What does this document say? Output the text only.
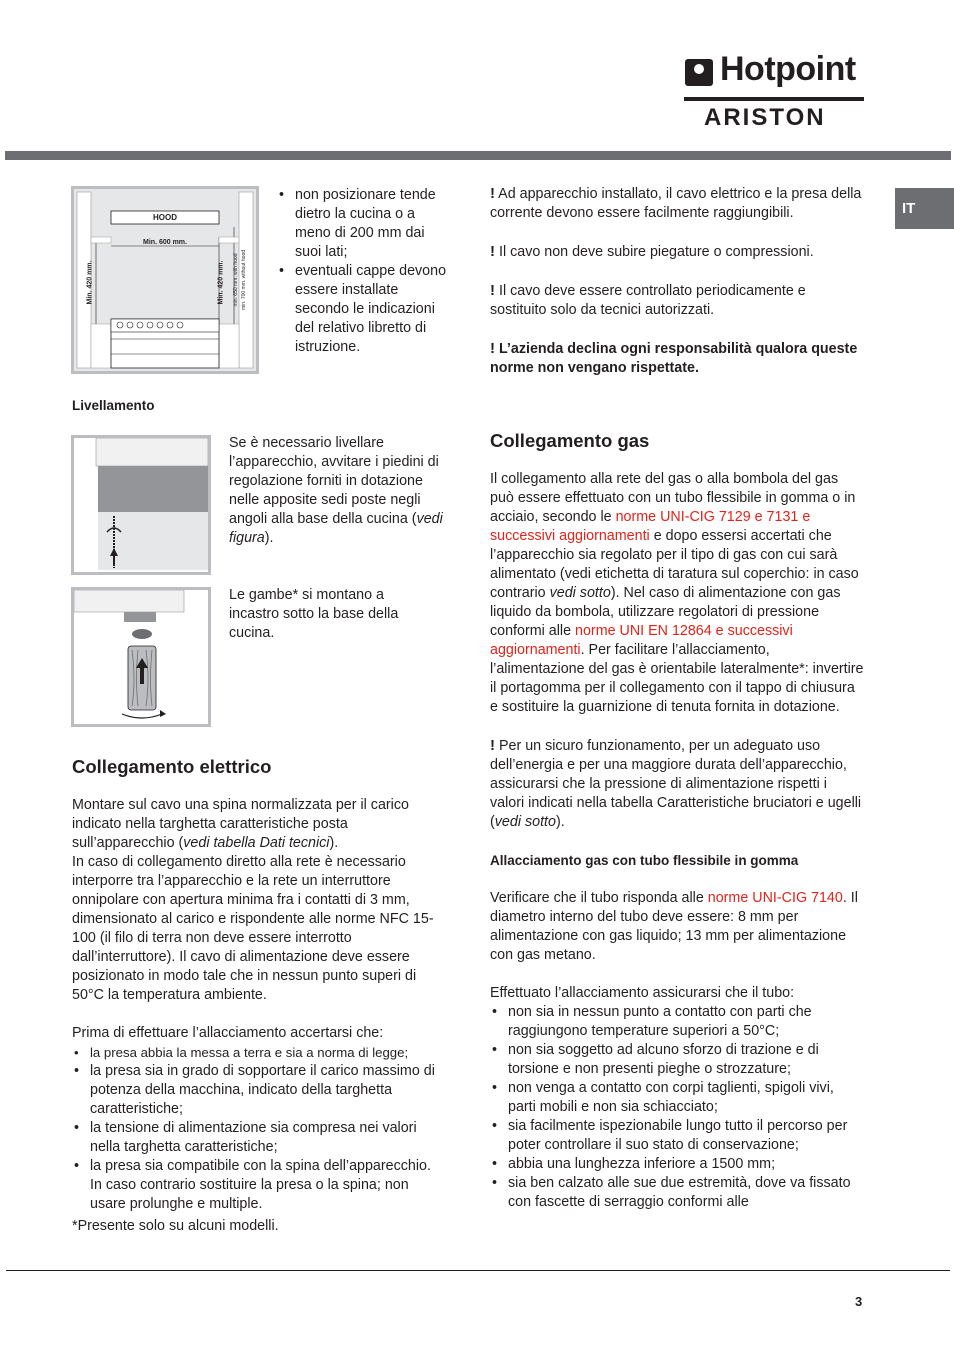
Hotpoint
ARISTON
IT
HOOD
Min. 600 mm.
Min. 420 mm.	Min. 420 mm. min. 650 mm. with hood min. 700 mm. without hood

• non posizionare tende dietro la cucina o a meno di 200 mm dai suoi lati;

• eventuali cappe devono essere installate secondo le indicazioni del relativo libretto di istruzione.

Livellamento
Se è necessario livellare l’apparecchio, avvitare i piedini di regolazione forniti in dotazione nelle apposite sedi poste negli angoli alla base della cucina (vedi figura).
Le gambe* si montano a incastro sotto la base della cucina.
Collegamento elettrico

Montare sul cavo una spina normalizzata per il carico indicato nella targhetta caratteristiche posta sull’apparecchio (vedi tabella Dati tecnici).

In caso di collegamento diretto alla rete è necessario interporre tra l’apparecchio e la rete un interruttore onnipolare con apertura minima fra i contatti di 3 mm, dimensionato al carico e rispondente alle norme NFC 15-100 (il filo di terra non deve essere interrotto dall’interruttore). Il cavo di alimentazione deve essere posizionato in modo tale che in nessun punto superi di 50°C la temperatura ambiente.

Prima di effettuare l’allacciamento accertarsi che:

• la presa abbia la messa a terra e sia a norma di legge;

• la presa sia in grado di sopportare il carico massimo di potenza della macchina, indicato della targhetta caratteristiche;

• la tensione di alimentazione sia compresa nei valori nella targhetta caratteristiche;

• la presa sia compatibile con la spina dell’apparecchio. In caso contrario sostituire la presa o la spina; non usare prolunghe e multiple.

*Presente solo su alcuni modelli.

! Ad apparecchio installato, il cavo elettrico e la presa della corrente devono essere facilmente raggiungibili.

! Il cavo non deve subire piegature o compressioni.

! Il cavo deve essere controllato periodicamente e sostituito solo da tecnici autorizzati.

! L’azienda declina ogni responsabilità qualora queste norme non vengano rispettate.

Collegamento gas

Il collegamento alla rete del gas o alla bombola del gas può essere effettuato con un tubo flessibile in gomma o in acciaio, secondo le norme UNI-CIG 7129 e 7131 e successivi aggiornamenti e dopo essersi accertati che l’apparecchio sia regolato per il tipo di gas con cui sarà alimentato (vedi etichetta di taratura sul coperchio: in caso contrario vedi sotto). Nel caso di alimentazione con gas liquido da bombola, utilizzare regolatori di pressione conformi alle norme UNI EN 12864 e successivi aggiornamenti. Per facilitare l’allacciamento, l’alimentazione del gas è orientabile lateralmente*: invertire il portagomma per il collegamento con il tappo di chiusura e sostituire la guarnizione di tenuta fornita in dotazione.

! Per un sicuro funzionamento, per un adeguato uso dell’energia e per una maggiore durata dell’apparecchio, assicurarsi che la pressione di alimentazione rispetti i valori indicati nella tabella Caratteristiche bruciatori e ugelli (vedi sotto).

Allacciamento gas con tubo flessibile in gomma

Verificare che il tubo risponda alle norme UNI-CIG 7140. Il diametro interno del tubo deve essere: 8 mm per alimentazione con gas liquido; 13 mm per alimentazione con gas metano.

Effettuato l’allacciamento assicurarsi che il tubo:

• non sia in nessun punto a contatto con parti che raggiungono temperature superiori a 50°C;

• non sia soggetto ad alcuno sforzo di trazione e di torsione e non presenti pieghe o strozzature;

• non venga a contatto con corpi taglienti, spigoli vivi, parti mobili e non sia schiacciato;

• sia facilmente ispezionabile lungo tutto il percorso per poter controllare il suo stato di conservazione;

• abbia una lunghezza inferiore a 1500 mm;

• sia ben calzato alle sue due estremità, dove va fissato con fascette di serraggio conformi alle

3
